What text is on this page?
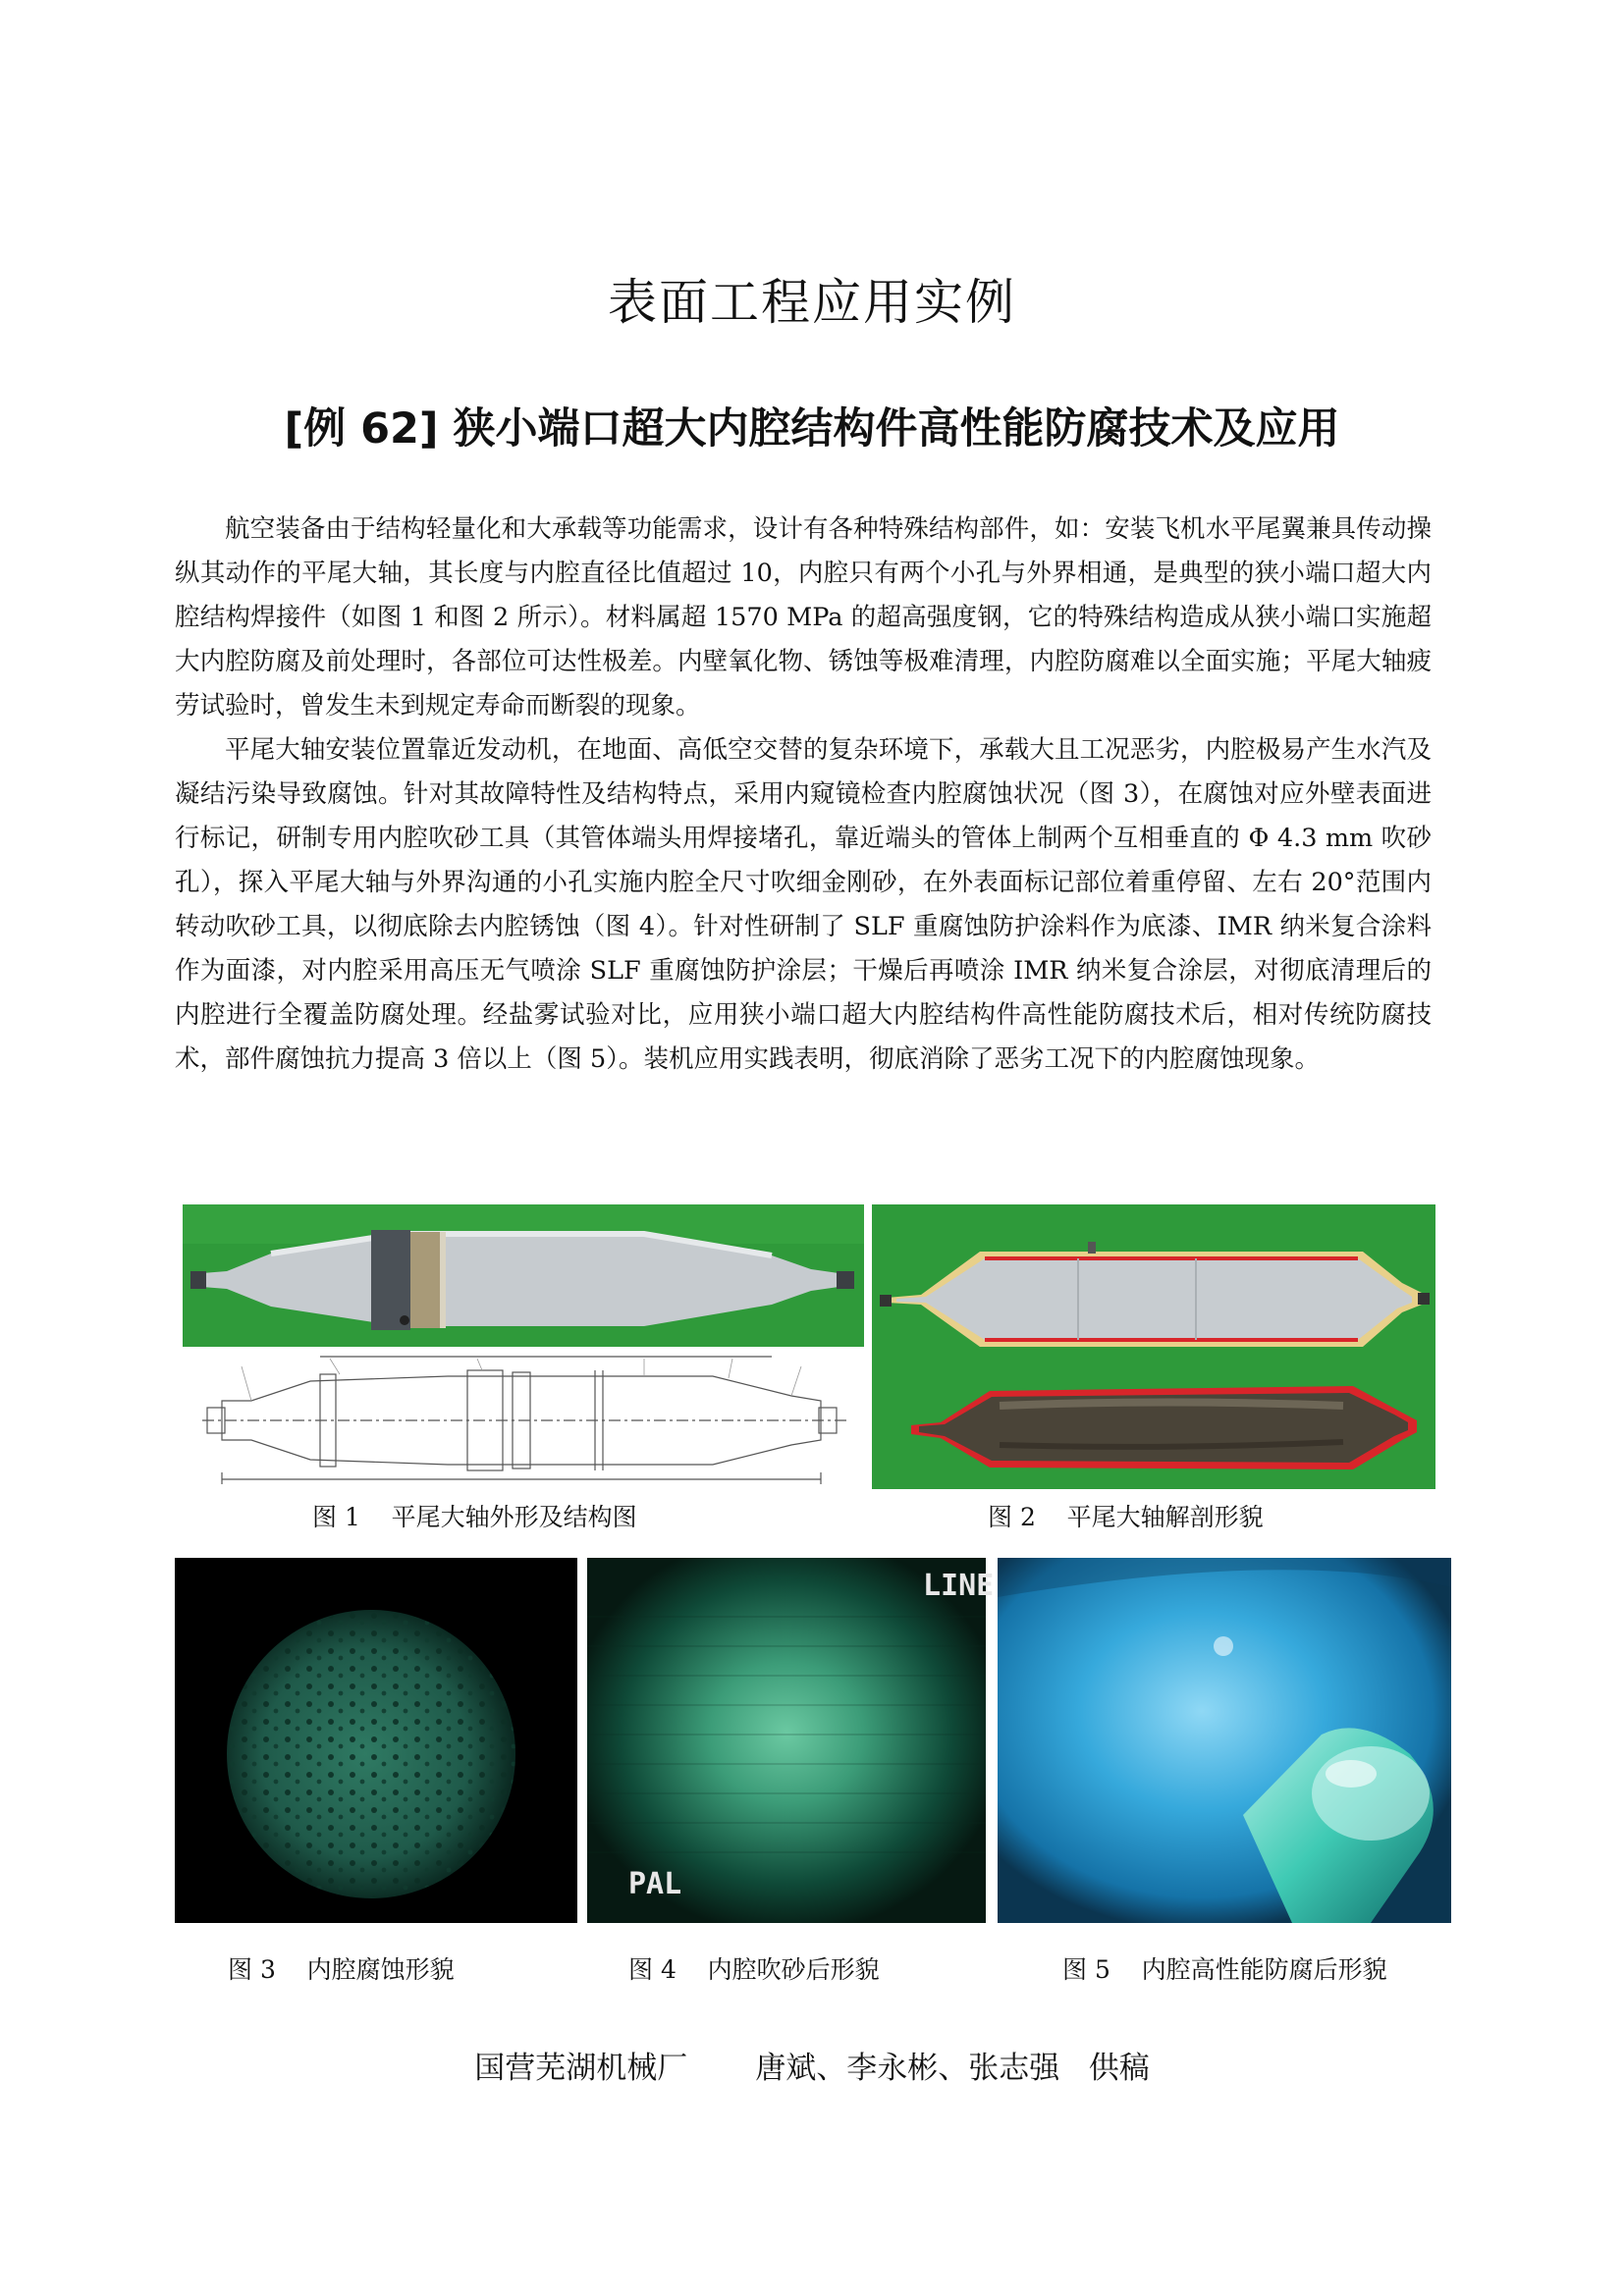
表面工程应用实例
[例 62] 狭小端口超大内腔结构件高性能防腐技术及应用

航空装备由于结构轻量化和大承载等功能需求，设计有各种特殊结构部件，如：安装飞机水平尾翼兼具传动操纵其动作的平尾大轴，其长度与内腔直径比值超过 10，内腔只有两个小孔与外界相通，是典型的狭小端口超大内腔结构焊接件（如图 1 和图 2 所示）。材料属超 1570 MPa 的超高强度钢，它的特殊结构造成从狭小端口实施超大内腔防腐及前处理时，各部位可达性极差。内壁氧化物、锈蚀等极难清理，内腔防腐难以全面实施；平尾大轴疲劳试验时，曾发生未到规定寿命而断裂的现象。

平尾大轴安装位置靠近发动机，在地面、高低空交替的复杂环境下，承载大且工况恶劣，内腔极易产生水汽及凝结污染导致腐蚀。针对其故障特性及结构特点，采用内窥镜检查内腔腐蚀状况（图 3），在腐蚀对应外壁表面进行标记，研制专用内腔吹砂工具（其管体端头用焊接堵孔，靠近端头的管体上制两个互相垂直的 Φ 4.3 mm 吹砂孔），探入平尾大轴与外界沟通的小孔实施内腔全尺寸吹细金刚砂，在外表面标记部位着重停留、左右 20°范围内转动吹砂工具，以彻底除去内腔锈蚀（图 4）。针对性研制了 SLF 重腐蚀防护涂料作为底漆、IMR 纳米复合涂料作为面漆，对内腔采用高压无气喷涂 SLF 重腐蚀防护涂层；干燥后再喷涂 IMR 纳米复合涂层，对彻底清理后的内腔进行全覆盖防腐处理。经盐雾试验对比，应用狭小端口超大内腔结构件高性能防腐技术后，相对传统防腐技术，部件腐蚀抗力提高 3 倍以上（图 5）。装机应用实践表明，彻底消除了恶劣工况下的内腔腐蚀现象。

图 1    平尾大轴外形及结构图	图 2    平尾大轴解剖形貌
图 3    内腔腐蚀形貌
LINE
PAL
图 4    内腔吹砂后形貌	图 5    内腔高性能防腐后形貌
国营芜湖机械厂       唐斌、李永彬、张志强   供稿
